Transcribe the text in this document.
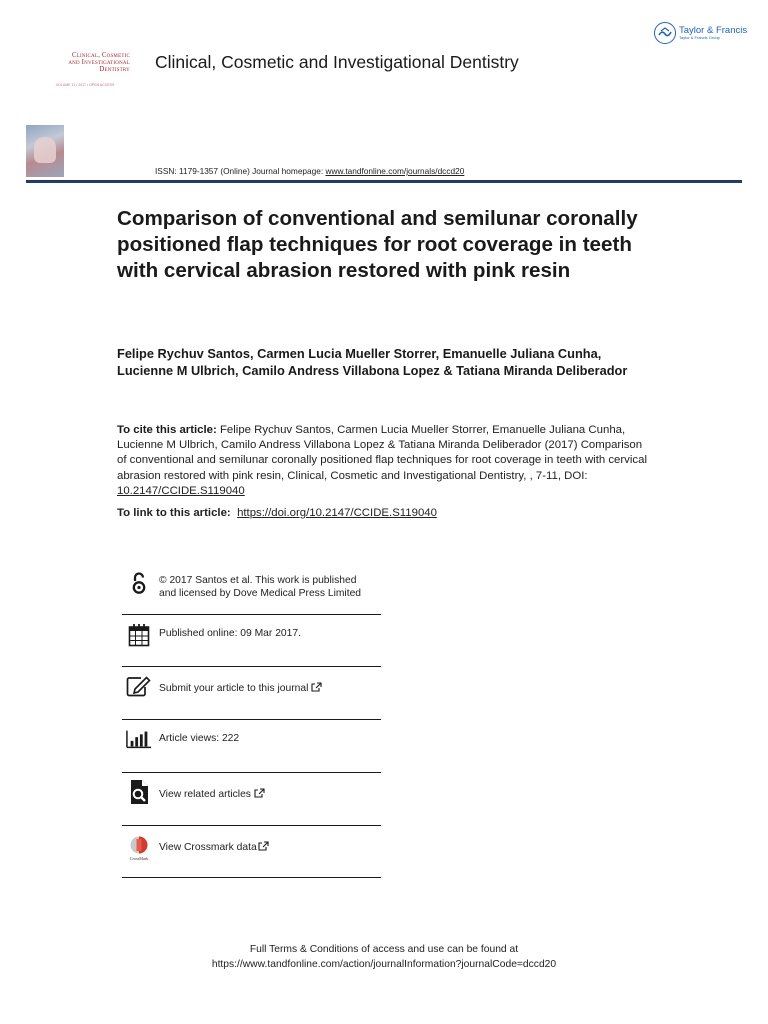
Taylor & Francis
Taylor & Francis Group
Clinical, Cosmetic
and Investigational
Dentistry
VOLUME 11 • 2017 • OPEN ACCESS
Clinical, Cosmetic and Investigational Dentistry
ISSN: 1179-1357 (Online) Journal homepage: www.tandfonline.com/journals/dccd20
Comparison of conventional and semilunar coronally positioned flap techniques for root coverage in teeth with cervical abrasion restored with pink resin
Felipe Rychuv Santos, Carmen Lucia Mueller Storrer, Emanuelle Juliana Cunha, Lucienne M Ulbrich, Camilo Andress Villabona Lopez & Tatiana Miranda Deliberador
To cite this article: Felipe Rychuv Santos, Carmen Lucia Mueller Storrer, Emanuelle Juliana Cunha, Lucienne M Ulbrich, Camilo Andress Villabona Lopez & Tatiana Miranda Deliberador (2017) Comparison of conventional and semilunar coronally positioned flap techniques for root coverage in teeth with cervical abrasion restored with pink resin, Clinical, Cosmetic and Investigational Dentistry, , 7-11, DOI: 10.2147/CCIDE.S119040
To link to this article: https://doi.org/10.2147/CCIDE.S119040
© 2017 Santos et al. This work is published
and licensed by Dove Medical Press Limited
Published online: 09 Mar 2017.
Submit your article to this journal
Article views: 222
View related articles
CrossMark
View Crossmark data
Full Terms & Conditions of access and use can be found at
https://www.tandfonline.com/action/journalInformation?journalCode=dccd20
